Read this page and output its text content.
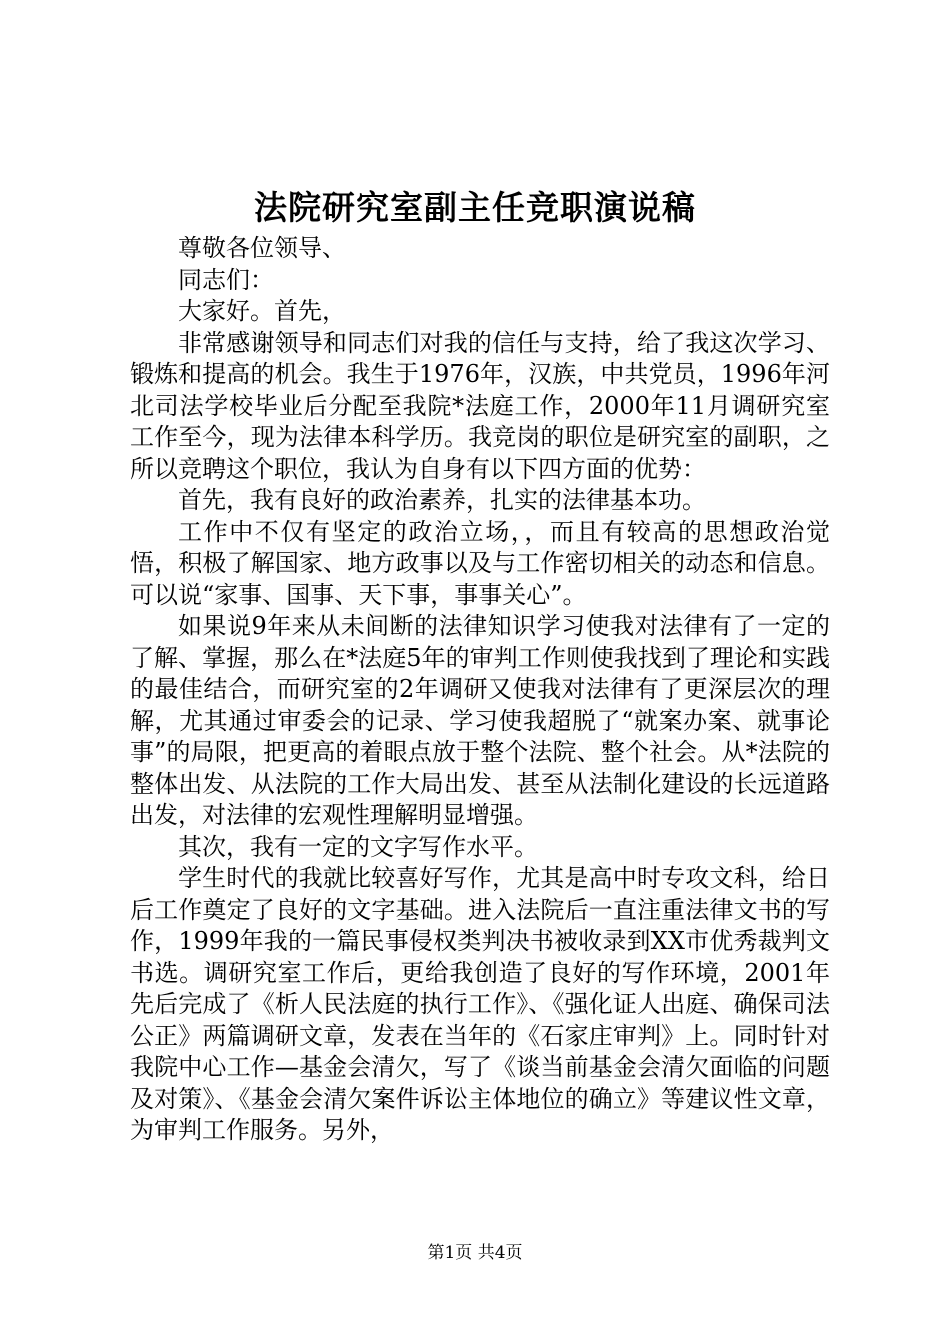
法院研究室副主任竞职演说稿

尊敬各位领导、

同志们：

大家好。首先，

非常感谢领导和同志们对我的信任与支持，给了我这次学习、锻炼和提高的机会。我生于1976年，汉族，中共党员，1996年河北司法学校毕业后分配至我院*法庭工作，2000年11月调研究室工作至今，现为法律本科学历。我竞岗的职位是研究室的副职，之所以竞聘这个职位，我认为自身有以下四方面的优势：

首先，我有良好的政治素养，扎实的法律基本功。

工作中不仅有坚定的政治立场，，而且有较高的思想政治觉悟，积极了解国家、地方政事以及与工作密切相关的动态和信息。可以说“家事、国事、天下事，事事关心”。

如果说9年来从未间断的法律知识学习使我对法律有了一定的了解、掌握，那么在*法庭5年的审判工作则使我找到了理论和实践的最佳结合，而研究室的2年调研又使我对法律有了更深层次的理解，尤其通过审委会的记录、学习使我超脱了“就案办案、就事论事”的局限，把更高的着眼点放于整个法院、整个社会。从*法院的整体出发、从法院的工作大局出发、甚至从法制化建设的长远道路出发，对法律的宏观性理解明显增强。

其次，我有一定的文字写作水平。

学生时代的我就比较喜好写作，尤其是高中时专攻文科，给日后工作奠定了良好的文字基础。进入法院后一直注重法律文书的写作，1999年我的一篇民事侵权类判决书被收录到XX市优秀裁判文书选。调研究室工作后，更给我创造了良好的写作环境，2001年先后完成了《析人民法庭的执行工作》、《强化证人出庭、确保司法公正》两篇调研文章，发表在当年的《石家庄审判》上。同时针对我院中心工作—基金会清欠，写了《谈当前基金会清欠面临的问题及对策》、《基金会清欠案件诉讼主体地位的确立》等建议性文章，为审判工作服务。另外，

第1页 共4页
